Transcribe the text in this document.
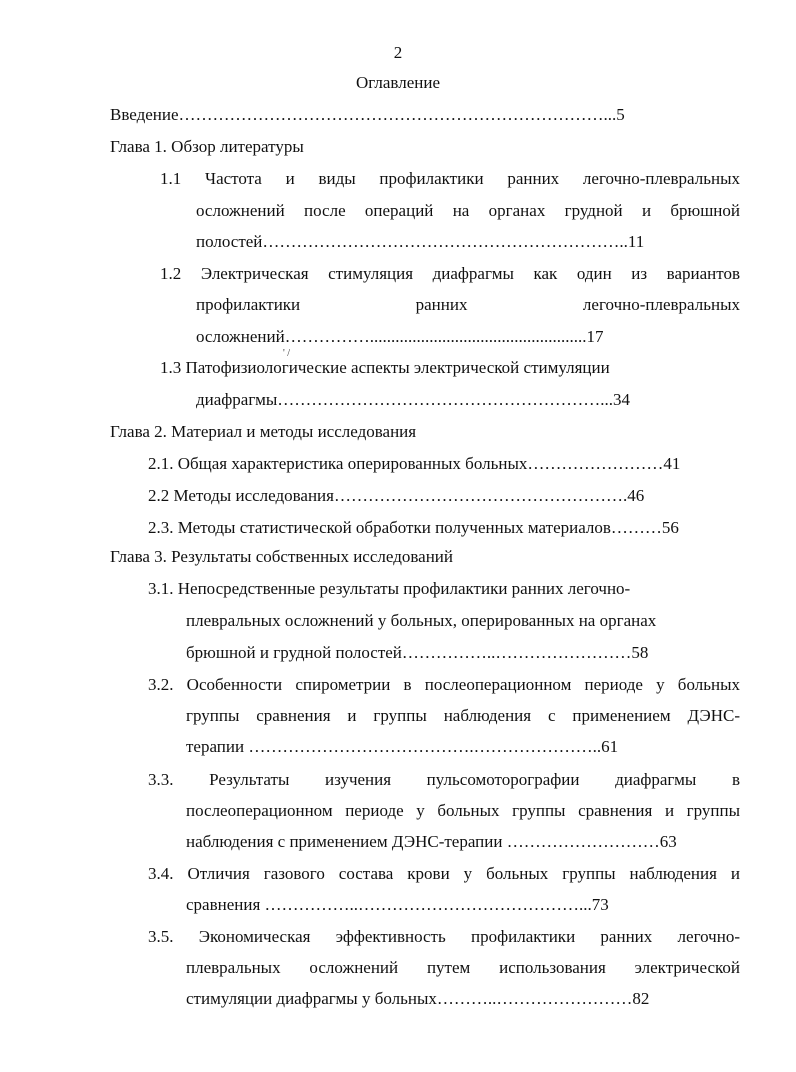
2
Оглавление
Введение…………………………………………………………………...5
Глава 1. Обзор литературы
1.1 Частота и виды профилактики ранних легочно-плевральных
осложнений после операций на органах грудной и брюшной
полостей………………………………………………………..11
1.2 Электрическая стимуляция диафрагмы как один из вариантов
профилактики ранних легочно-плевральных
осложнений……………...................................................17
' /
1.3 Патофизиологические аспекты электрической стимуляции
диафрагмы…………………………………………………...34
Глава 2. Материал и методы исследования
2.1. Общая характеристика оперированных больных……………………41
2.2 Методы исследования…………………………………………….46
2.3. Методы статистической обработки полученных материалов………56
Глава 3. Результаты собственных исследований
3.1. Непосредственные результаты профилактики ранних легочно-
плевральных осложнений у больных, оперированных на органах
брюшной и грудной полостей……………..……………………58
3.2. Особенности спирометрии в послеоперационном периоде у больных
группы сравнения и группы наблюдения с применением ДЭНС-
терапии ………………………………….…………………..61
3.3. Результаты изучения пульсомоторографии диафрагмы в
послеоперационном периоде у больных группы сравнения и группы
наблюдения с применением ДЭНС-терапии ………………………63
3.4. Отличия газового состава крови у больных группы наблюдения и
сравнения ……………..…………………………………...73
3.5. Экономическая эффективность профилактики ранних легочно-
плевральных осложнений путем использования электрической
стимуляции диафрагмы у больных………..……………………82
